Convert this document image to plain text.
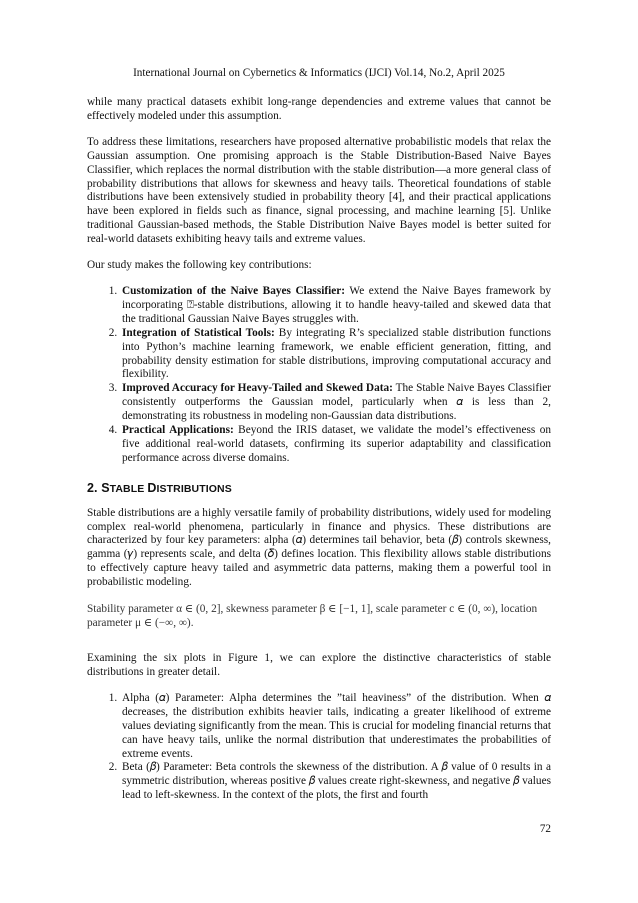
International Journal on Cybernetics & Informatics (IJCI) Vol.14, No.2, April 2025

while many practical datasets exhibit long-range dependencies and extreme values that cannot be effectively modeled under this assumption.

To address these limitations, researchers have proposed alternative probabilistic models that relax the Gaussian assumption. One promising approach is the Stable Distribution-Based Naive Bayes Classifier, which replaces the normal distribution with the stable distribution—a more general class of probability distributions that allows for skewness and heavy tails. Theoretical foundations of stable distributions have been extensively studied in probability theory [4], and their practical applications have been explored in fields such as finance, signal processing, and machine learning [5]. Unlike traditional Gaussian-based methods, the Stable Distribution Naive Bayes model is better suited for real-world datasets exhibiting heavy tails and extreme values.

Our study makes the following key contributions:

1. Customization of the Naive Bayes Classifier: We extend the Naive Bayes framework by incorporating ⍰-stable distributions, allowing it to handle heavy-tailed and skewed data that the traditional Gaussian Naive Bayes struggles with.
2. Integration of Statistical Tools: By integrating R’s specialized stable distribution functions into Python’s machine learning framework, we enable efficient generation, fitting, and probability density estimation for stable distributions, improving computational accuracy and flexibility.
3. Improved Accuracy for Heavy-Tailed and Skewed Data: The Stable Naive Bayes Classifier consistently outperforms the Gaussian model, particularly when 𝛼 is less than 2, demonstrating its robustness in modeling non-Gaussian data distributions.
4. Practical Applications: Beyond the IRIS dataset, we validate the model’s effectiveness on five additional real-world datasets, confirming its superior adaptability and classification performance across diverse domains.
2. STABLE DISTRIBUTIONS

Stable distributions are a highly versatile family of probability distributions, widely used for modeling complex real-world phenomena, particularly in finance and physics. These distributions are characterized by four key parameters: alpha (𝛼) determines tail behavior, beta (𝛽) controls skewness, gamma (𝛾) represents scale, and delta (𝛿) defines location. This flexibility allows stable distributions to effectively capture heavy tailed and asymmetric data patterns, making them a powerful tool in probabilistic modeling.

Stability parameter α ∈ (0, 2], skewness parameter β ∈ [−1, 1], scale parameter c ∈ (0, ∞), location parameter μ ∈ (−∞, ∞).

Examining the six plots in Figure 1, we can explore the distinctive characteristics of stable distributions in greater detail.

1. Alpha (𝛼) Parameter: Alpha determines the ”tail heaviness” of the distribution. When 𝛼 decreases, the distribution exhibits heavier tails, indicating a greater likelihood of extreme values deviating significantly from the mean. This is crucial for modeling financial returns that can have heavy tails, unlike the normal distribution that underestimates the probabilities of extreme events.
2. Beta (𝛽) Parameter: Beta controls the skewness of the distribution. A 𝛽 value of 0 results in a symmetric distribution, whereas positive 𝛽 values create right-skewness, and negative 𝛽 values lead to left-skewness. In the context of the plots, the first and fourth
72
